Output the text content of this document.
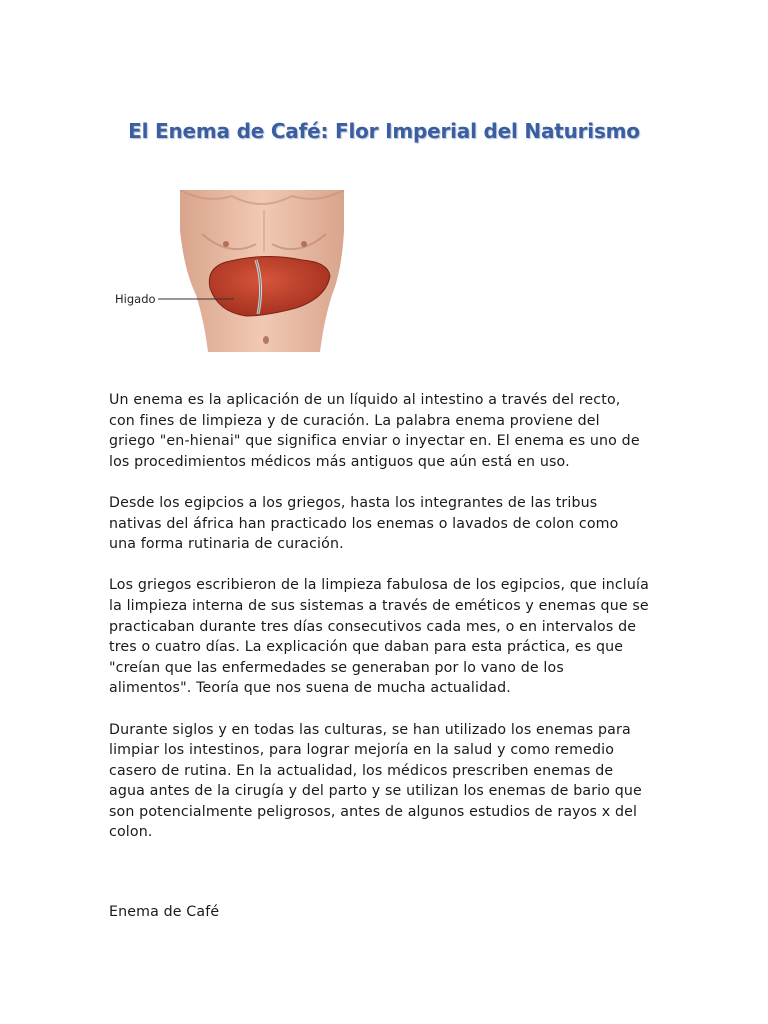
El Enema de Café: Flor Imperial del Naturismo
Higado

Un enema es la aplicación de un líquido al intestino a través del recto, con fines de limpieza y de curación. La palabra enema proviene del griego "en-hienai" que significa enviar o inyectar en. El enema es uno de los procedimientos médicos más antiguos que aún está en uso.

Desde los egipcios a los griegos, hasta los integrantes de las tribus nativas del áfrica han practicado los enemas o lavados de colon como una forma rutinaria de curación.

Los griegos escribieron de la limpieza fabulosa de los egipcios, que incluía la limpieza interna de sus sistemas a través de eméticos y enemas que se practicaban durante tres días consecutivos cada mes, o en intervalos de tres o cuatro días. La explicación que daban para esta práctica, es que "creían que las enfermedades se generaban por lo vano de los alimentos". Teoría que nos suena de mucha actualidad.

Durante siglos y en todas las culturas, se han utilizado los enemas para limpiar los intestinos, para lograr mejoría en la salud y como remedio casero de rutina. En la actualidad, los médicos prescriben enemas de agua antes de la cirugía y del parto y se utilizan los enemas de bario que son potencialmente peligrosos, antes de algunos estudios de rayos x del colon.

Enema de Café
